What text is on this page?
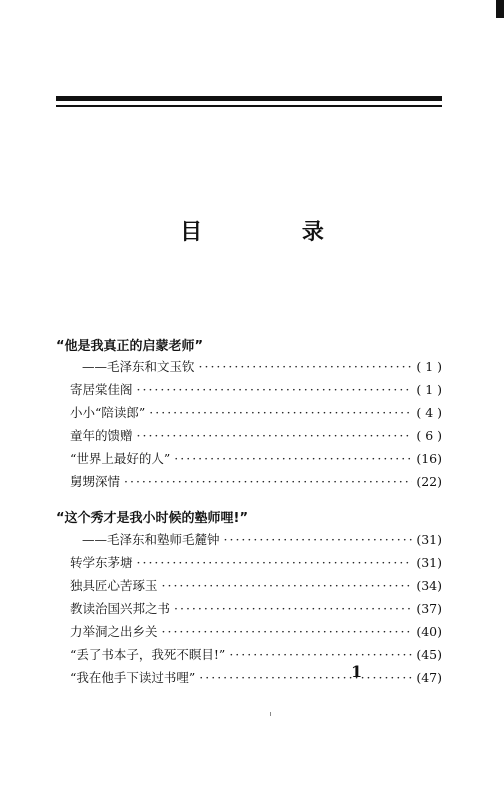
目 录
“他是我真正的启蒙老师”
——毛泽东和文玉钦 ·····	( 1 )
寄居棠佳阁 ·····	( 1 )
小小“陪读郎” ·····	( 4 )
童年的馈赠 ·····	( 6 )
“世界上最好的人” ·····	(16)
舅甥深情 ·····	(22)
“这个秀才是我小时候的塾师哩!”
——毛泽东和塾师毛麓钟 ·····	(31)
转学东茅塘 ·····	(31)
独具匠心苦琢玉 ·····	(34)
教读治国兴邦之书 ·····	(37)
力举洞之出乡关 ·····	(40)
“丢了书本子，我死不瞑目!” ·····	(45)
“我在他手下读过书哩” ·····	(47)
1
